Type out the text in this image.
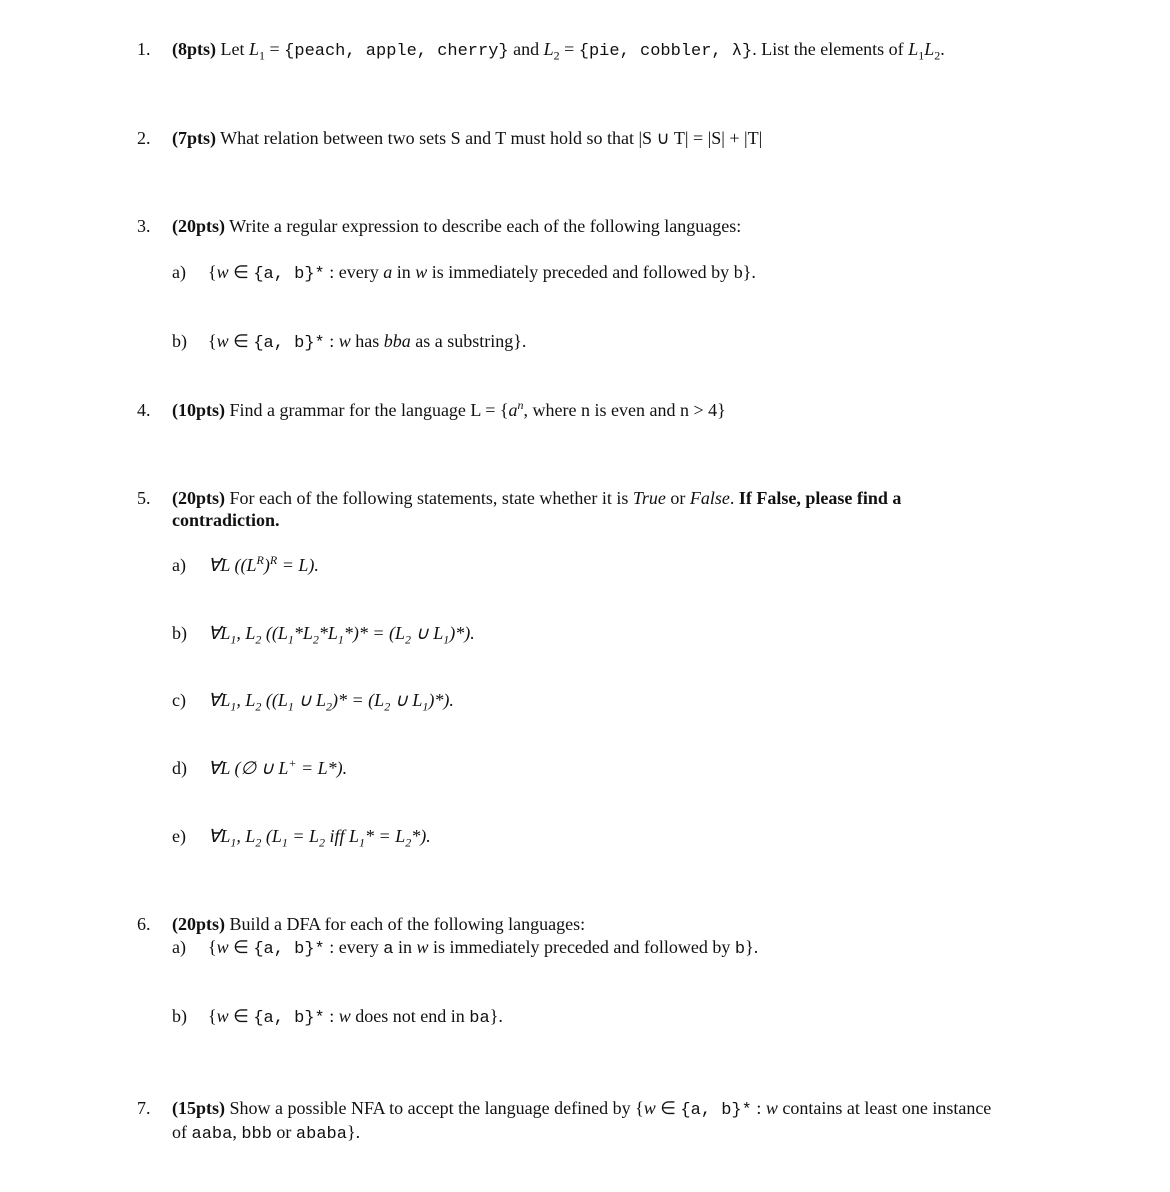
1. (8pts) Let $L_1$ = {peach, apple, cherry} and $L_2 = \{pie$, cobbler, λ}. List the elements of $L_1L_2$.
2. (7pts) What relation between two sets S and T must hold so that |S ∪ T| = |S| + |T|
3. (20pts) Write a regular expression to describe each of the following languages:
a) {w ∈ {a, b}* : every a in w is immediately preceded and followed by b}.
b) {w ∈ {a, b}* : w has bba as a substring}.
4. (10pts) Find a grammar for the language $L = \{a^n$, where n is even and n > 4}
5. (20pts) For each of the following statements, state whether it is True or False. If False, please find a
contradiction.
a) ∀L $((L^R)^R = L)$.
b) $\forall L_1$, $L_2$ ($(L_1*L_2*L_1*)* = (L_2$ ∪ $L_1)*$).
c) $\forall L_1$, $L_2$ (($L_1$ ∪ $L_2)* = (L_2$ ∪ $L_1)*$).
d) ∀L (∅ ∪ L+ = L*).
e) $\forall L_1$, $L_2$ ($L_1 = L_2$ iff $L_1* = L_2*$).
6. (20pts) Build a DFA for each of the following languages:
a) {w ∈ {a, b}* : every a in w is immediately preceded and followed by b}.
b) {w ∈ {a, b}* : w does not end in ba}.
7. (15pts) Show a possible NFA to accept the language defined by {w ∈ {a, b}* : w contains at least one instance
of aaba, bbb or ababa}.
